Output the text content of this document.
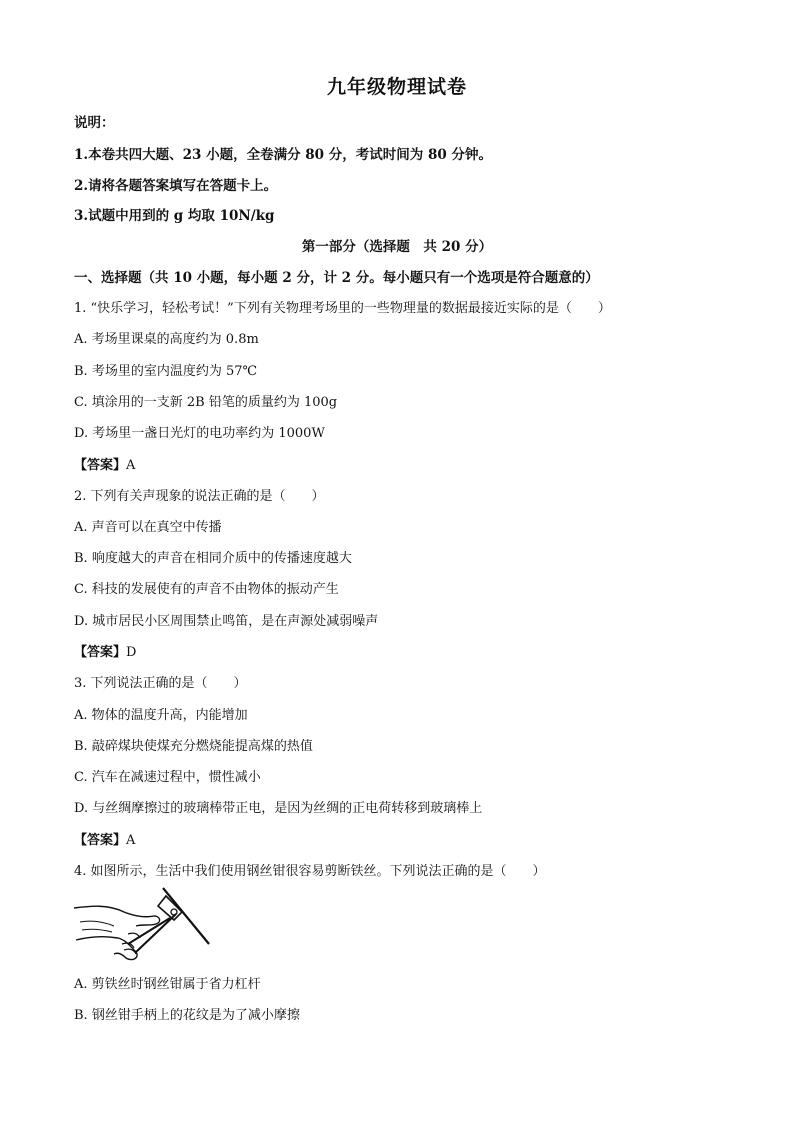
九年级物理试卷
说明：
1.本卷共四大题、23 小题，全卷满分 80 分，考试时间为 80 分钟。
2.请将各题答案填写在答题卡上。
3.试题中用到的 g 均取 10N/kg
第一部分（选择题　共 20 分）
一、选择题（共 10 小题，每小题 2 分，计 2 分。每小题只有一个选项是符合题意的）
1. “快乐学习，轻松考试！”下列有关物理考场里的一些物理量的数据最接近实际的是（　　）
A. 考场里课桌的高度约为 0.8m
B. 考场里的室内温度约为 57℃
C. 填涂用的一支新 2B 铅笔的质量约为 100g
D. 考场里一盏日光灯的电功率约为 1000W
【答案】A
2. 下列有关声现象的说法正确的是（　　）
A. 声音可以在真空中传播
B. 响度越大的声音在相同介质中的传播速度越大
C. 科技的发展使有的声音不由物体的振动产生
D. 城市居民小区周围禁止鸣笛，是在声源处减弱噪声
【答案】D
3. 下列说法正确的是（　　）
A. 物体的温度升高，内能增加
B. 敲碎煤块使煤充分燃烧能提高煤的热值
C. 汽车在减速过程中，惯性减小
D. 与丝绸摩擦过的玻璃棒带正电，是因为丝绸的正电荷转移到玻璃棒上
【答案】A
4. 如图所示，生活中我们使用钢丝钳很容易剪断铁丝。下列说法正确的是（　　）
A. 剪铁丝时钢丝钳属于省力杠杆
B. 钢丝钳手柄上的花纹是为了减小摩擦
